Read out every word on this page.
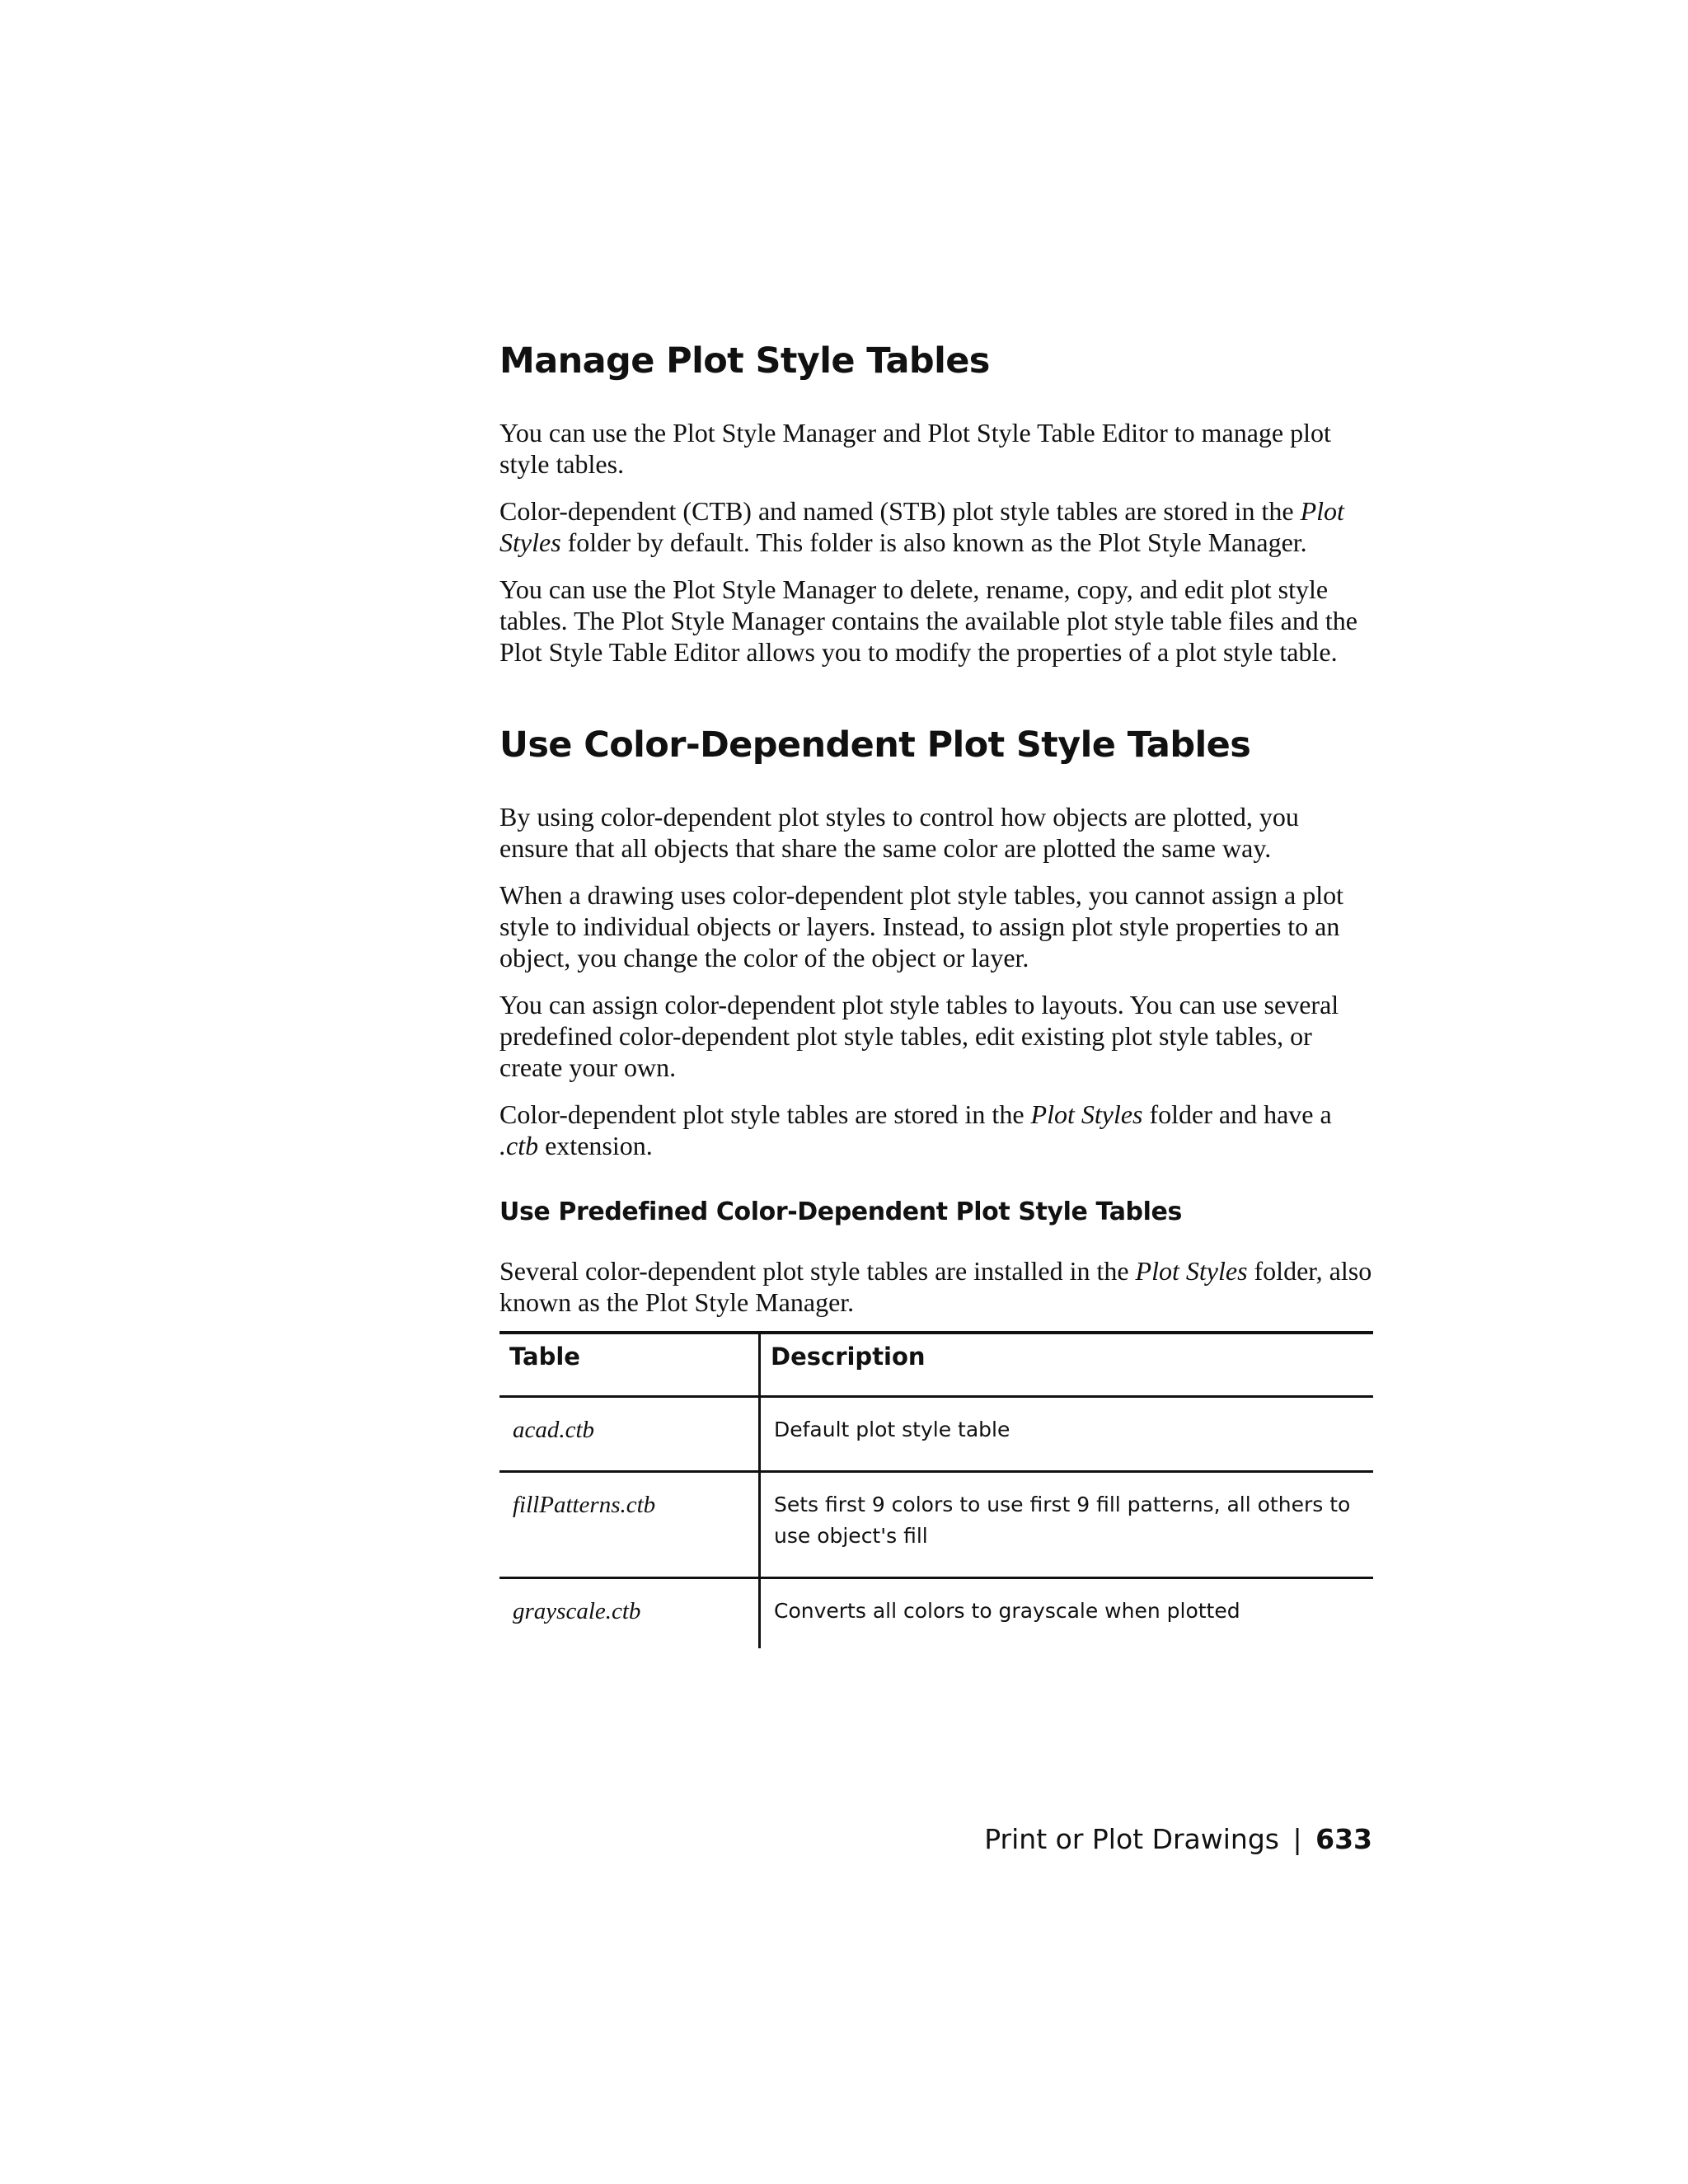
Manage Plot Style Tables

You can use the Plot Style Manager and Plot Style Table Editor to manage plot style tables.

Color-dependent (CTB) and named (STB) plot style tables are stored in the Plot Styles folder by default. This folder is also known as the Plot Style Manager.

You can use the Plot Style Manager to delete, rename, copy, and edit plot style tables. The Plot Style Manager contains the available plot style table files and the Plot Style Table Editor allows you to modify the properties of a plot style table.

Use Color-Dependent Plot Style Tables

By using color-dependent plot styles to control how objects are plotted, you ensure that all objects that share the same color are plotted the same way.

When a drawing uses color-dependent plot style tables, you cannot assign a plot style to individual objects or layers. Instead, to assign plot style properties to an object, you change the color of the object or layer.

You can assign color-dependent plot style tables to layouts. You can use several predefined color-dependent plot style tables, edit existing plot style tables, or create your own.

Color-dependent plot style tables are stored in the Plot Styles folder and have a .ctb extension.

Use Predefined Color-Dependent Plot Style Tables

Several color-dependent plot style tables are installed in the Plot Styles folder, also known as the Plot Style Manager.

Table	Description
acad.ctb	Default plot style table
fillPatterns.ctb	Sets first 9 colors to use first 9 fill patterns, all others to use object's fill
grayscale.ctb	Converts all colors to grayscale when plotted
Print or Plot Drawings | 633
